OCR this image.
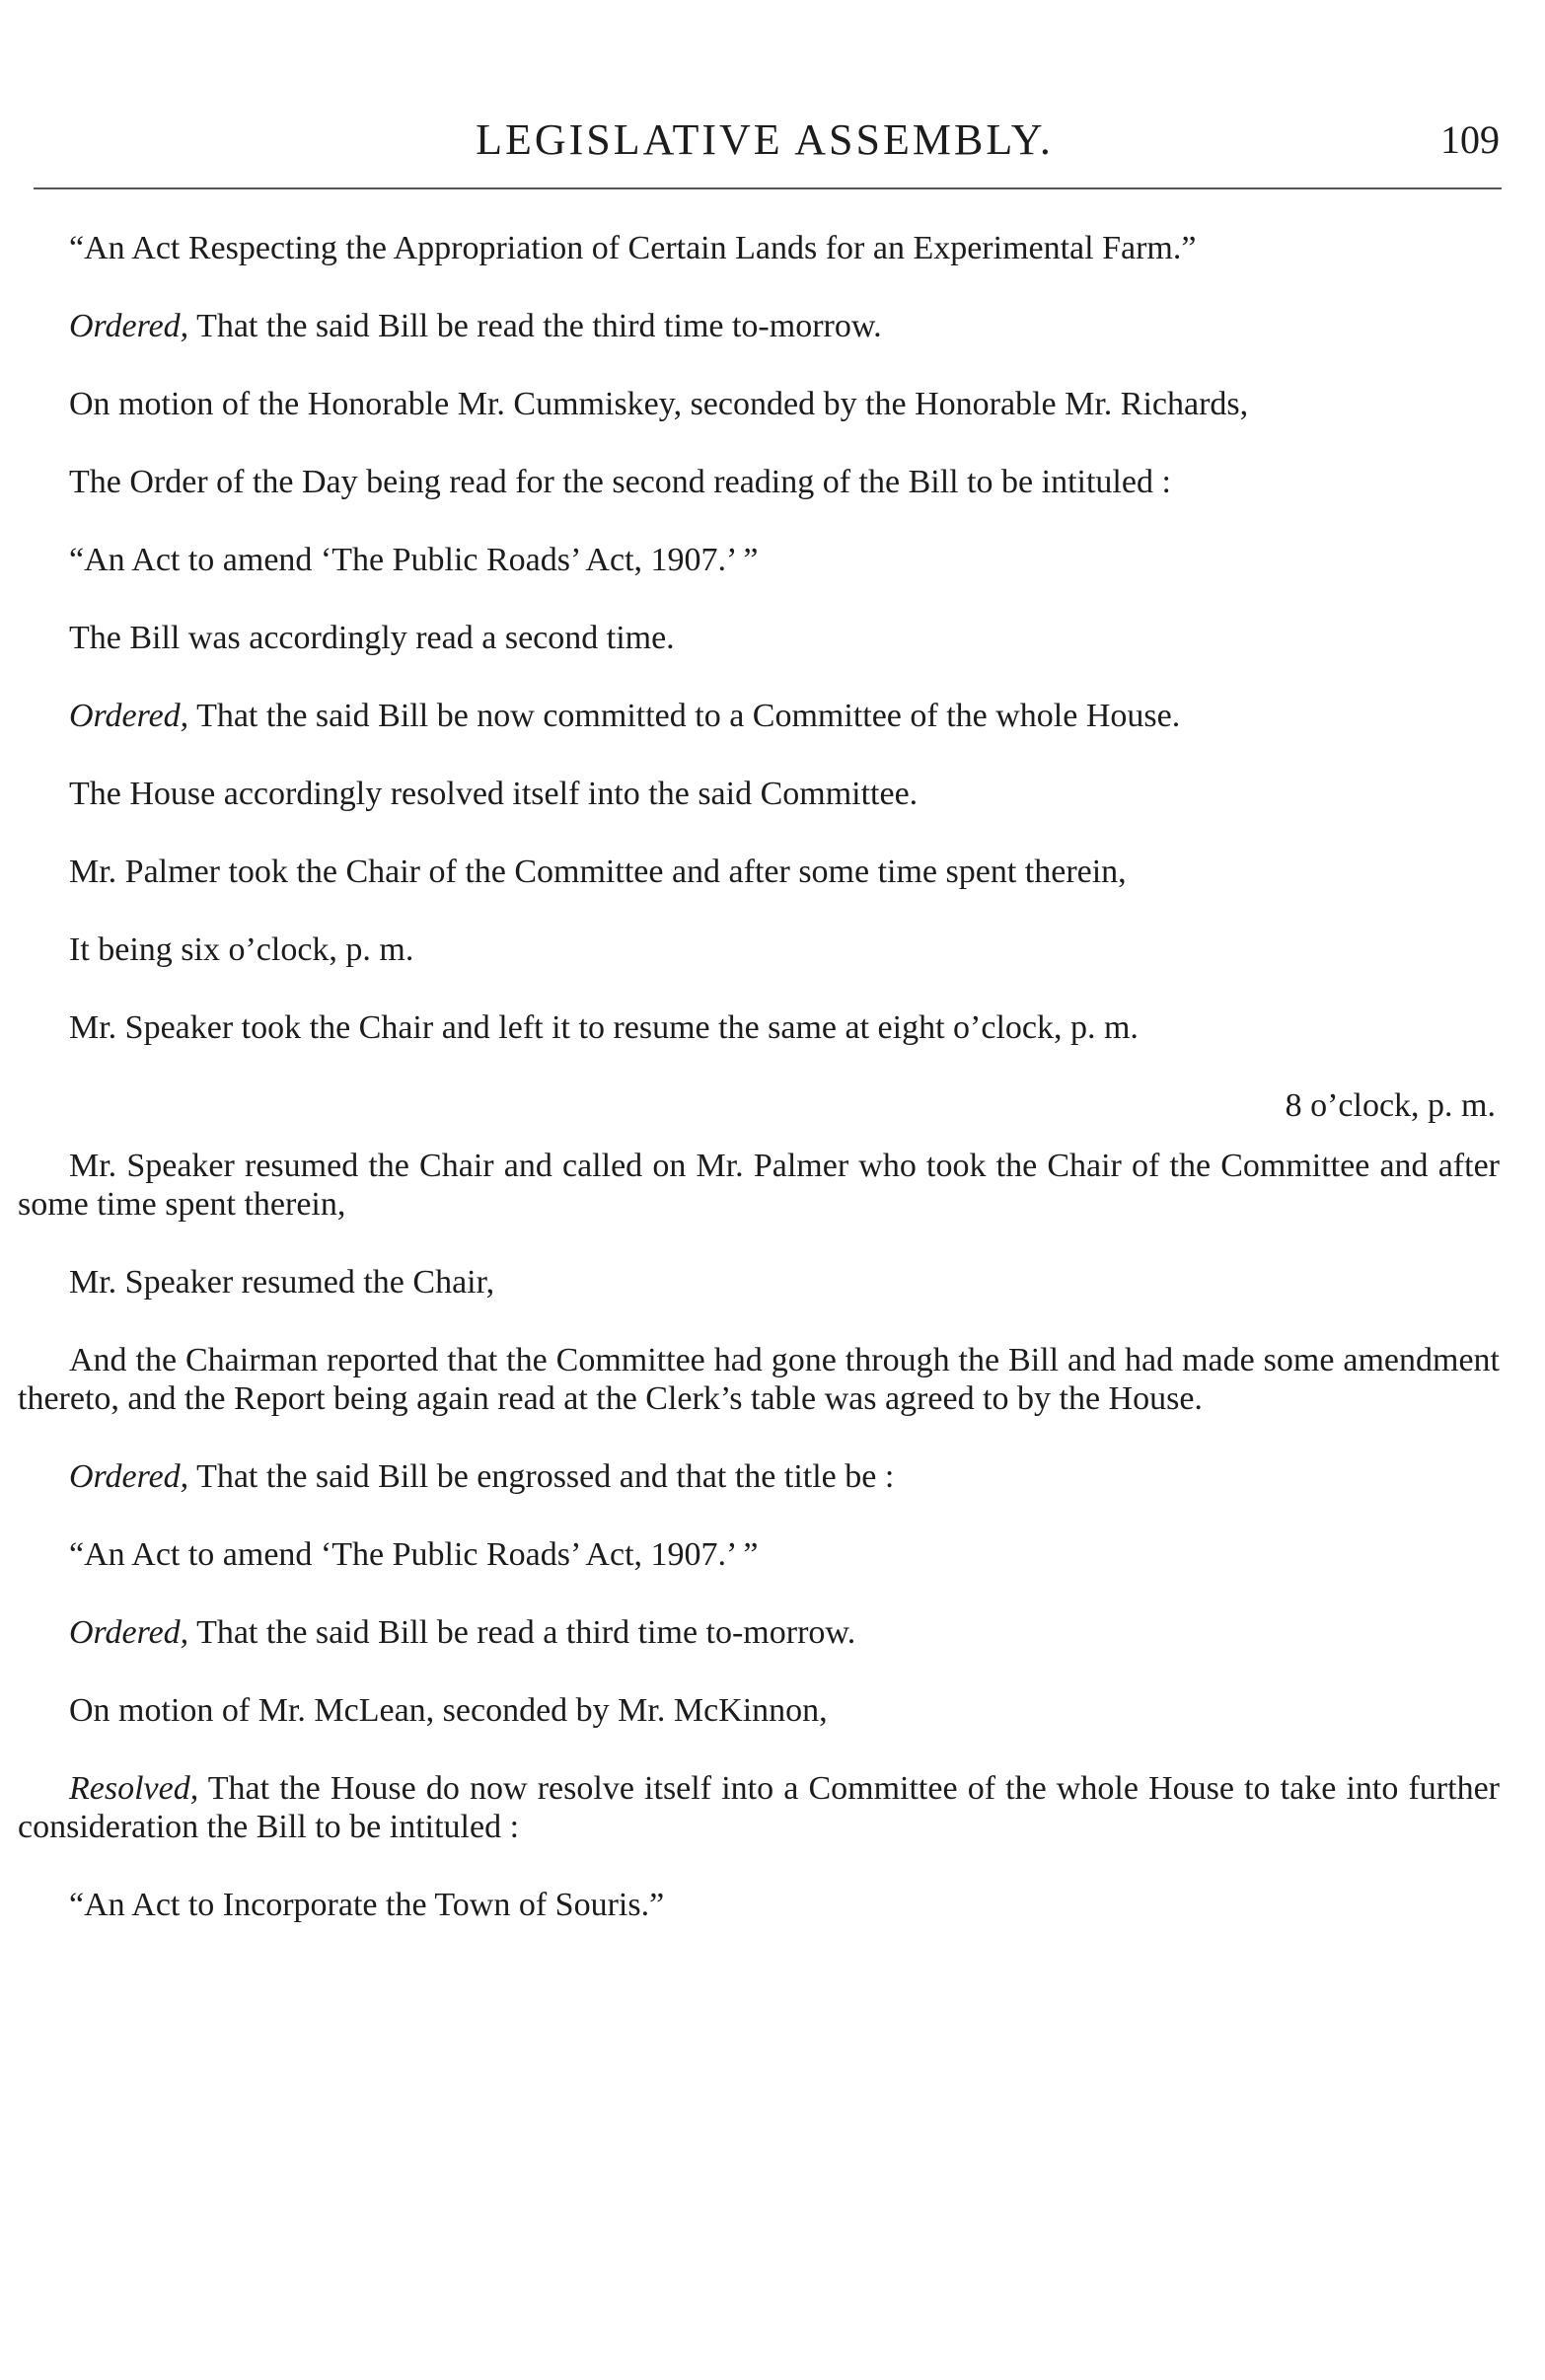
LEGISLATIVE ASSEMBLY.	109

“An Act Respecting the Appropriation of Certain Lands for an Experimental Farm.”

Ordered, That the said Bill be read the third time to-morrow.

On motion of the Honorable Mr. Cummiskey, seconded by the Honorable Mr. Richards,

The Order of the Day being read for the second reading of the Bill to be intituled :

“An Act to amend ‘The Public Roads’ Act, 1907.’ ”

The Bill was accordingly read a second time.

Ordered, That the said Bill be now committed to a Committee of the whole House.

The House accordingly resolved itself into the said Committee.

Mr. Palmer took the Chair of the Committee and after some time spent therein,

It being six o’clock, p. m.

Mr. Speaker took the Chair and left it to resume the same at eight o’clock, p. m.

8 o’clock, p. m.

Mr. Speaker resumed the Chair and called on Mr. Palmer who took the Chair of the Committee and after some time spent therein,

Mr. Speaker resumed the Chair,

And the Chairman reported that the Committee had gone through the Bill and had made some amendment thereto, and the Report being again read at the Clerk’s table was agreed to by the House.

Ordered, That the said Bill be engrossed and that the title be :

“An Act to amend ‘The Public Roads’ Act, 1907.’ ”

Ordered, That the said Bill be read a third time to-morrow.

On motion of Mr. McLean, seconded by Mr. McKinnon,

Resolved, That the House do now resolve itself into a Committee of the whole House to take into further consideration the Bill to be intituled :

“An Act to Incorporate the Town of Souris.”
